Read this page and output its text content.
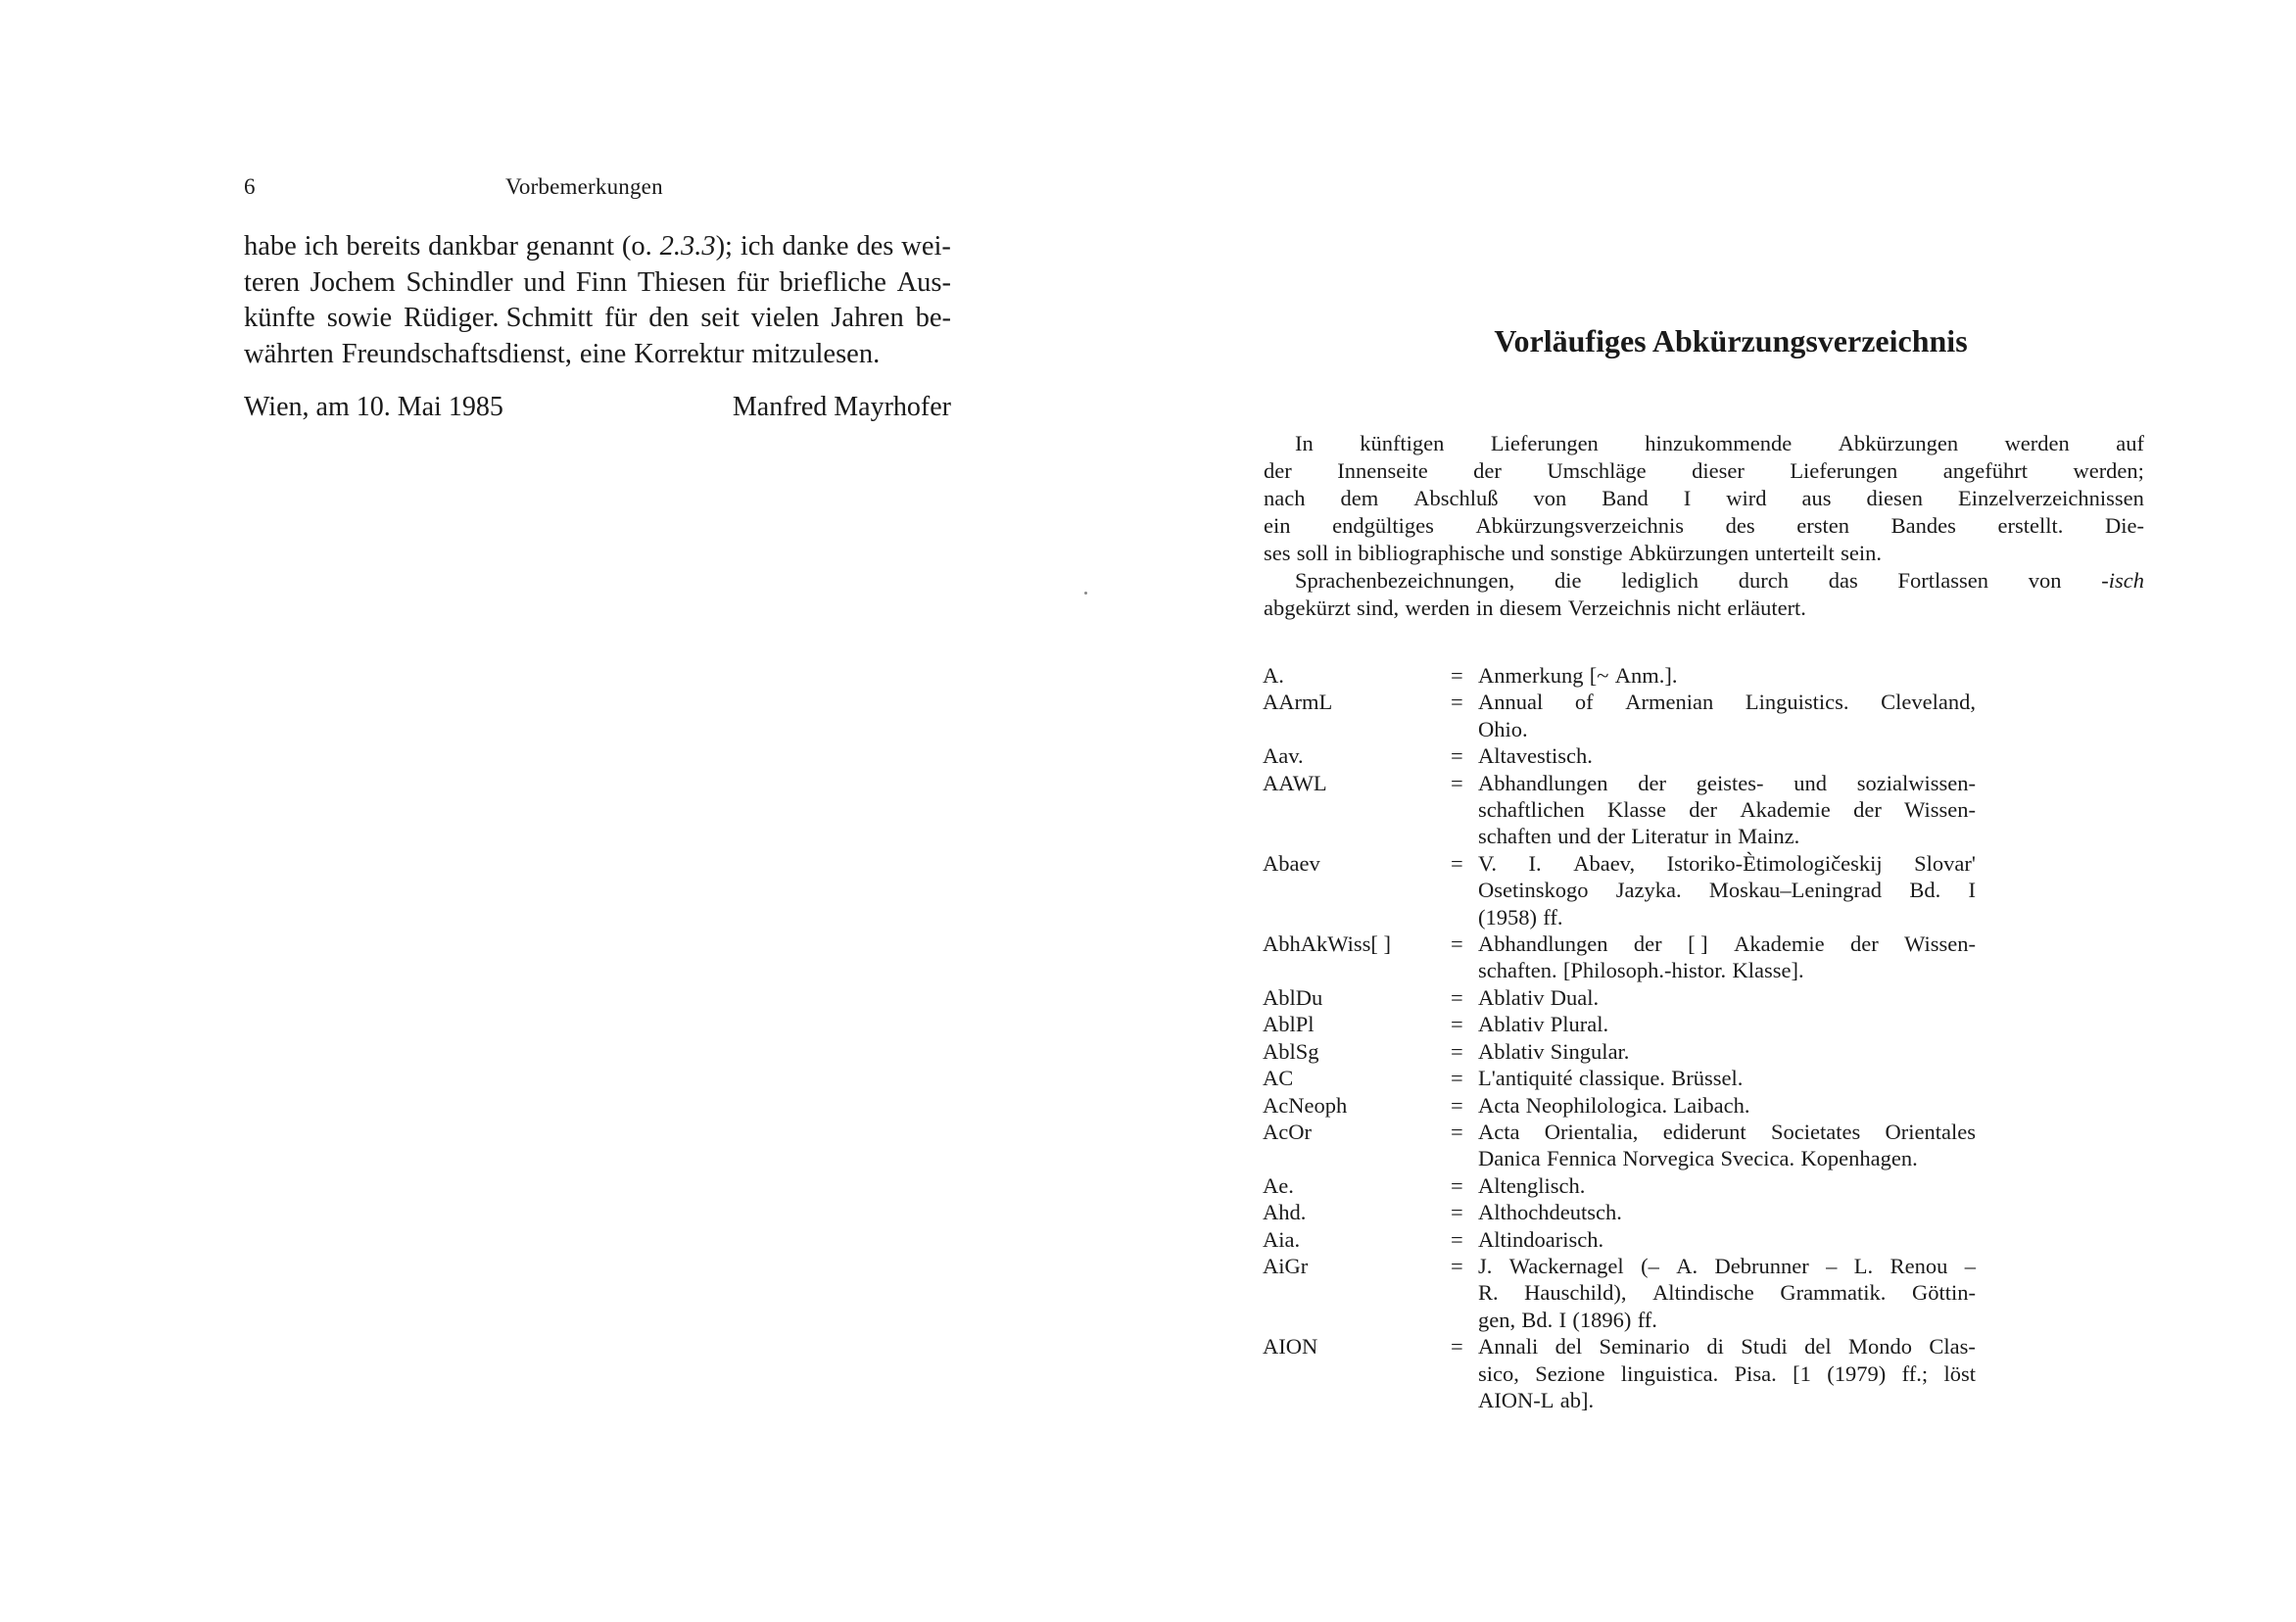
6	Vorbemerkungen
habe ich bereits dankbar genannt (o. 2.3.3); ich danke des wei-
teren Jochem Schindler und Finn Thiesen für briefliche Aus-
künfte sowie Rüdiger. Schmitt für den seit vielen Jahren be-
währten Freundschaftsdienst, eine Korrektur mitzulesen.
Wien, am 10. Mai 1985	Manfred Mayrhofer
Vorläufiges Abkürzungsverzeichnis
In künftigen Lieferungen hinzukommende Abkürzungen werden auf
der Innenseite der Umschläge dieser Lieferungen angeführt werden;
nach dem Abschluß von Band I wird aus diesen Einzelverzeichnissen
ein endgültiges Abkürzungsverzeichnis des ersten Bandes erstellt. Die-
ses soll in bibliographische und sonstige Abkürzungen unterteilt sein.
Sprachenbezeichnungen, die lediglich durch das Fortlassen von -isch
abgekürzt sind, werden in diesem Verzeichnis nicht erläutert.
A.	= Anmerkung [~ Anm.].
AArmL	= Annual of Armenian Linguistics. Cleveland,
Ohio.
Aav.	= Altavestisch.
AAWL	= Abhandlungen der geistes- und sozialwissen-
schaftlichen Klasse der Akademie der Wissen-
schaften und der Literatur in Mainz.
Abaev	= V. I. Abaev, Istoriko-Ètimologičeskij Slovar'
Osetinskogo Jazyka. Moskau–Leningrad Bd. I
(1958) ff.
AbhAkWiss[ ]	= Abhandlungen der [ ] Akademie der Wissen-
schaften. [Philosoph.-histor. Klasse].
AblDu	= Ablativ Dual.
AblPl	= Ablativ Plural.
AblSg	= Ablativ Singular.
AC	= L'antiquité classique. Brüssel.
AcNeoph	= Acta Neophilologica. Laibach.
AcOr	= Acta Orientalia, ediderunt Societates Orientales
Danica Fennica Norvegica Svecica. Kopenhagen.
Ae.	= Altenglisch.
Ahd.	= Althochdeutsch.
Aia.	= Altindoarisch.
AiGr	= J. Wackernagel (– A. Debrunner – L. Renou –
R. Hauschild), Altindische Grammatik. Göttin-
gen, Bd. I (1896) ff.
AION	= Annali del Seminario di Studi del Mondo Clas-
sico, Sezione linguistica. Pisa. [1 (1979) ff.; löst
AION-L ab].
